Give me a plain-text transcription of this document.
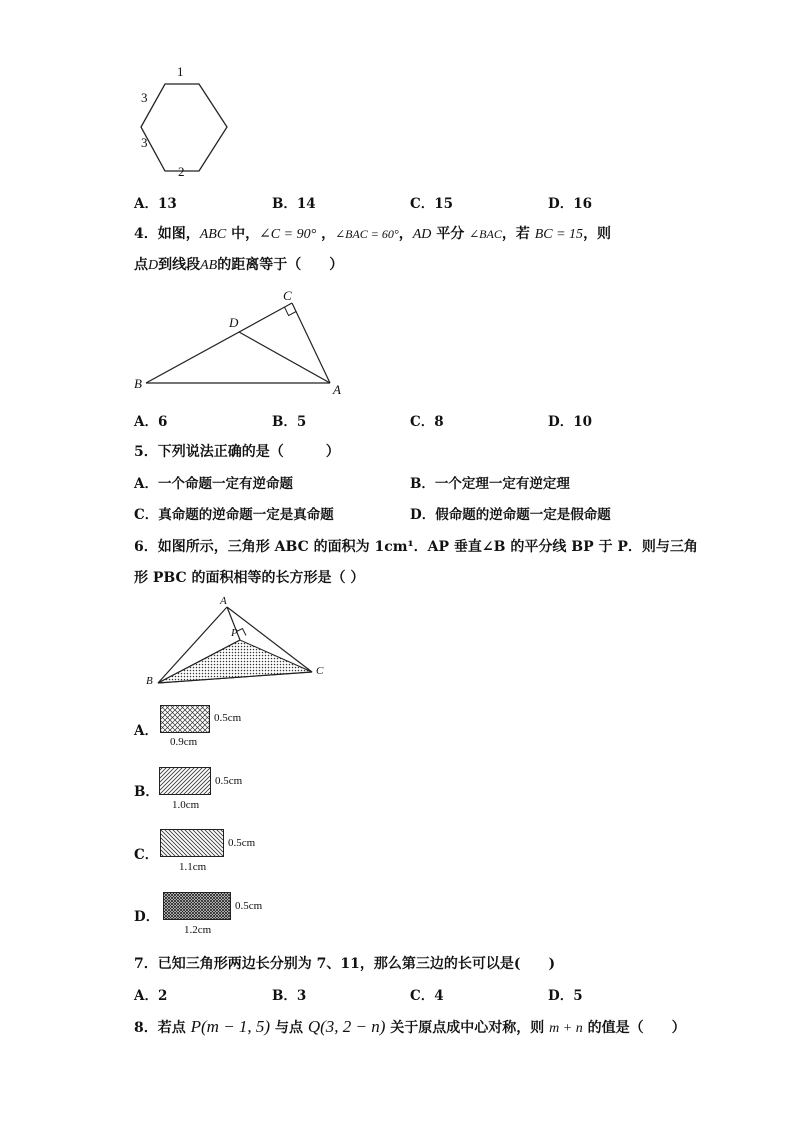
1
3
3
2
A．13	B．14	C．15	D．16
4．如图，ABC 中，∠C = 90° ，∠BAC = 60°，AD 平分 ∠BAC，若 BC = 15，则
点D到线段AB的距离等于（　　）
C
D
B	A
A．6	B．5	C．8	D．10
5．下列说法正确的是（　　　）
A．一个命题一定有逆命题	B．一个定理一定有逆定理
C．真命题的逆命题一定是真命题	D．假命题的逆命题一定是假命题
6．如图所示，三角形 ABC 的面积为 1cm¹．AP 垂直∠B 的平分线 BP 于 P．则与三角
形 PBC 的面积相等的长方形是（ ）
A
P
B
C
A．
0.5cm
0.9cm
B．
0.5cm
1.0cm
C．
0.5cm
1.1cm
D．
0.5cm
1.2cm
7．已知三角形两边长分别为 7、11，那么第三边的长可以是(　　)
A．2	B．3	C．4	D．5
8．若点 P(m − 1, 5) 与点 Q(3, 2 − n) 关于原点成中心对称，则 m + n 的值是（　　）
